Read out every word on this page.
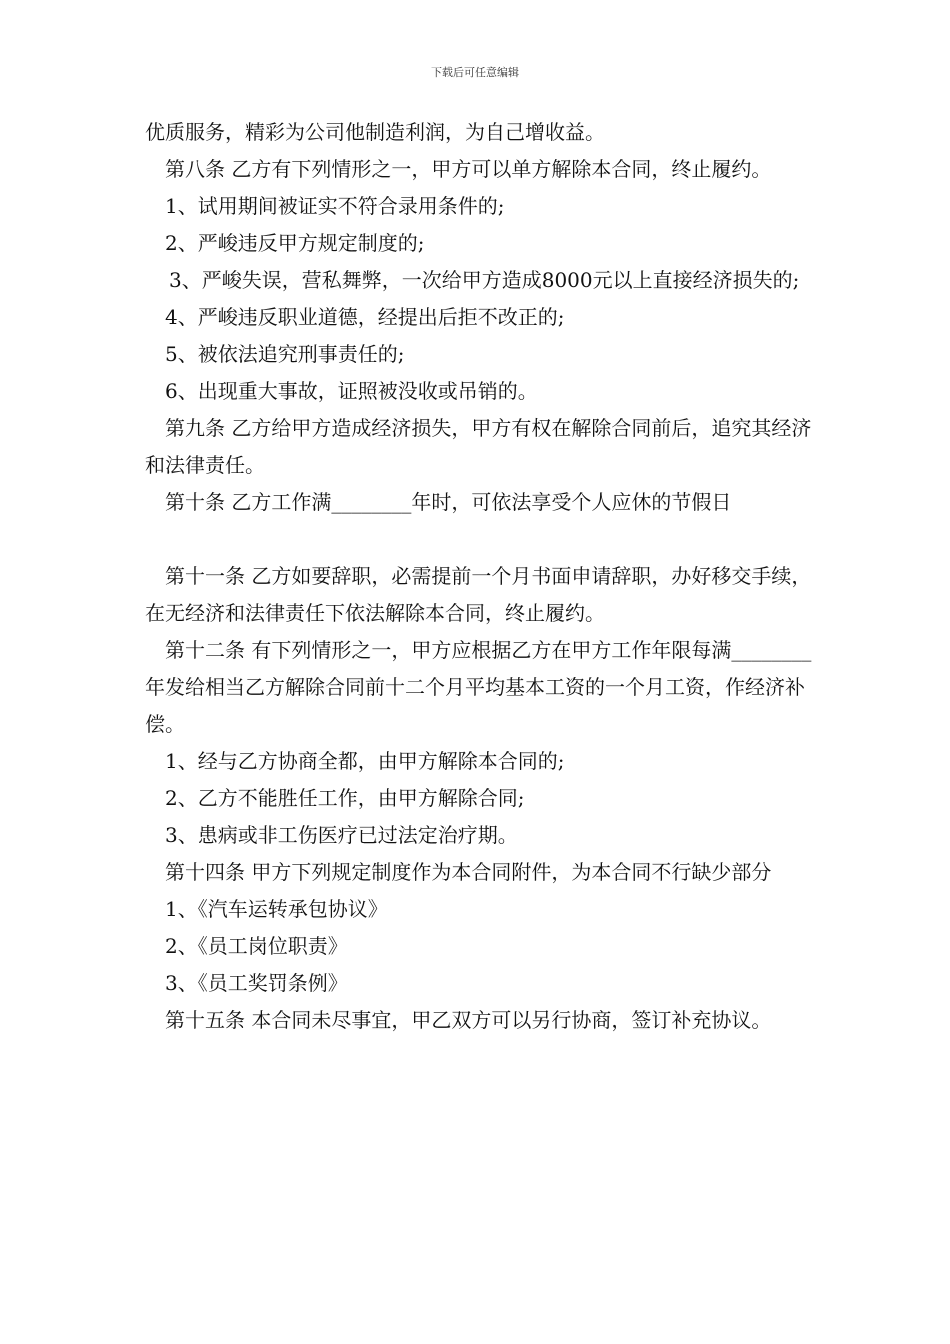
下载后可任意编辑

优质服务，精彩为公司他制造利润，为自己增收益。

第八条 乙方有下列情形之一，甲方可以单方解除本合同，终止履约。

1、试用期间被证实不符合录用条件的;

2、严峻违反甲方规定制度的;

3、严峻失误，营私舞弊，一次给甲方造成8000元以上直接经济损失的;

4、严峻违反职业道德，经提出后拒不改正的;

5、被依法追究刑事责任的;

6、出现重大事故，证照被没收或吊销的。

第九条 乙方给甲方造成经济损失，甲方有权在解除合同前后，追究其经济和法律责任。

第十条 乙方工作满________年时，可依法享受个人应休的节假日

第十一条 乙方如要辞职，必需提前一个月书面申请辞职，办好移交手续，在无经济和法律责任下依法解除本合同，终止履约。

第十二条 有下列情形之一，甲方应根据乙方在甲方工作年限每满________年发给相当乙方解除合同前十二个月平均基本工资的一个月工资，作经济补偿。

1、经与乙方协商全都，由甲方解除本合同的;

2、乙方不能胜任工作，由甲方解除合同;

3、患病或非工伤医疗已过法定治疗期。

第十四条 甲方下列规定制度作为本合同附件，为本合同不行缺少部分

1、《汽车运转承包协议》

2、《员工岗位职责》

3、《员工奖罚条例》

第十五条 本合同未尽事宜，甲乙双方可以另行协商，签订补充协议。
